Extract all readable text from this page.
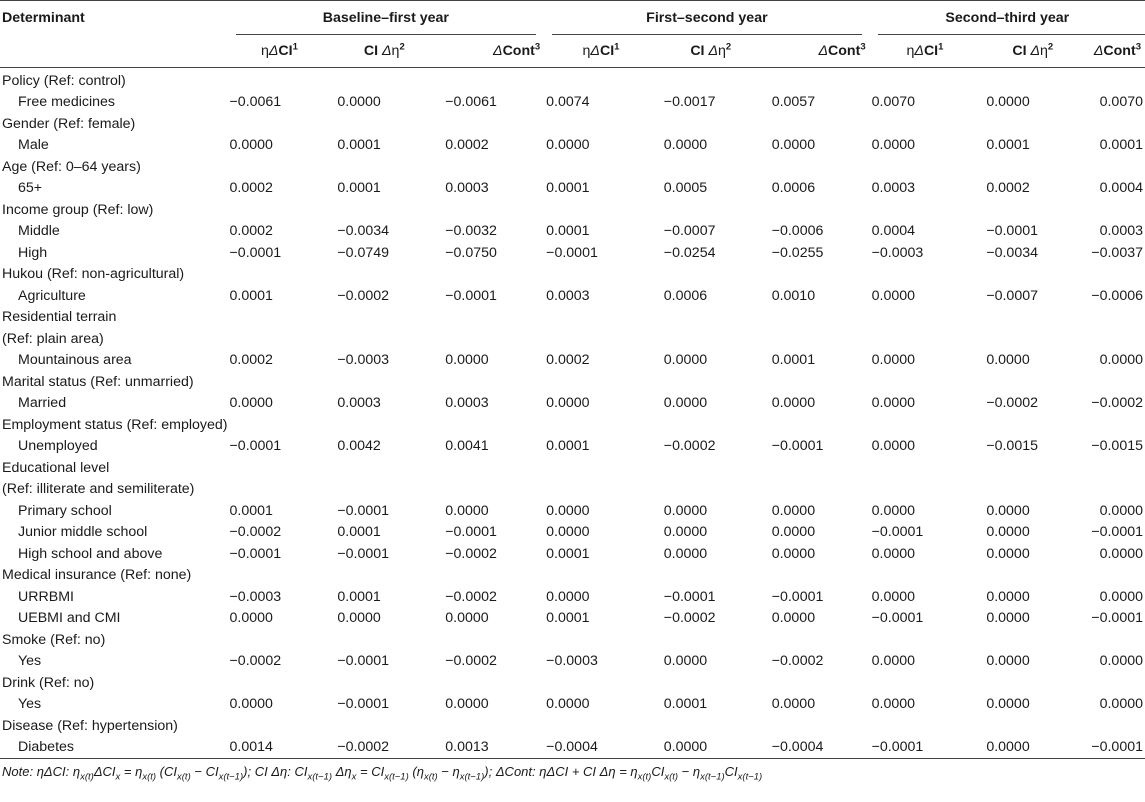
Determinant	Baseline–first year			First–second year			Second–third year		

	ηΔCI$^1$	CI $\Delta\eta^2$	ΔCont$^3$	ηΔCI$^1$	CI $\Delta\eta^2$	ΔCont$^3$	ηΔCI$^1$	CI $\Delta\eta^2$	ΔCont$^3$
Policy (Ref: control)									
Free medicines	−0.0061	0.0000	−0.0061	0.0074	−0.0017	0.0057	0.0070	0.0000	0.0070
Gender (Ref: female)									
Male	0.0000	0.0001	0.0002	0.0000	0.0000	0.0000	0.0000	0.0001	0.0001
Age (Ref: 0–64 years)									
65+	0.0002	0.0001	0.0003	0.0001	0.0005	0.0006	0.0003	0.0002	0.0004
Income group (Ref: low)									
Middle	0.0002	−0.0034	−0.0032	0.0001	−0.0007	−0.0006	0.0004	−0.0001	0.0003
High	−0.0001	−0.0749	−0.0750	−0.0001	−0.0254	−0.0255	−0.0003	−0.0034	−0.0037
Hukou (Ref: non-agricultural)									
Agriculture	0.0001	−0.0002	−0.0001	0.0003	0.0006	0.0010	0.0000	−0.0007	−0.0006
Residential terrain									
(Ref: plain area)									
Mountainous area	0.0002	−0.0003	0.0000	0.0002	0.0000	0.0001	0.0000	0.0000	0.0000
Marital status (Ref: unmarried)									
Married	0.0000	0.0003	0.0003	0.0000	0.0000	0.0000	0.0000	−0.0002	−0.0002
Employment status (Ref: employed)									
Unemployed	−0.0001	0.0042	0.0041	0.0001	−0.0002	−0.0001	0.0000	−0.0015	−0.0015
Educational level									
(Ref: illiterate and semiliterate)									
Primary school	0.0001	−0.0001	0.0000	0.0000	0.0000	0.0000	0.0000	0.0000	0.0000
Junior middle school	−0.0002	0.0001	−0.0001	0.0000	0.0000	0.0000	−0.0001	0.0000	−0.0001
High school and above	−0.0001	−0.0001	−0.0002	0.0001	0.0000	0.0000	0.0000	0.0000	0.0000
Medical insurance (Ref: none)									
URRBMI	−0.0003	0.0001	−0.0002	0.0000	−0.0001	−0.0001	0.0000	0.0000	0.0000
UEBMI and CMI	0.0000	0.0000	0.0000	0.0001	−0.0002	0.0000	−0.0001	0.0000	−0.0001
Smoke (Ref: no)									
Yes	−0.0002	−0.0001	−0.0002	−0.0003	0.0000	−0.0002	0.0000	0.0000	0.0000
Drink (Ref: no)									
Yes	0.0000	−0.0001	0.0000	0.0000	0.0001	0.0000	0.0000	0.0000	0.0000
Disease (Ref: hypertension)									
Diabetes	0.0014	−0.0002	0.0013	−0.0004	0.0000	−0.0004	−0.0001	0.0000	−0.0001
Note: ηΔCI: $\eta_{x(t)}\Delta CI_x = \eta_{x(t)}$ $(CI_{x(t)} - CI_{x(t-1)})$; CI Δη: $CI_{x(t-1)}$ $\Delta\eta_x = CI_{x(t-1)}$ $(\eta_{x(t)} - \eta_{x(t-1)})$; ΔCont: ηΔCI + CI $\Delta\eta = \eta_{x(t)}CI_{x(t)} - \eta_{x(t-1)}CI_{x(t-1)}$
